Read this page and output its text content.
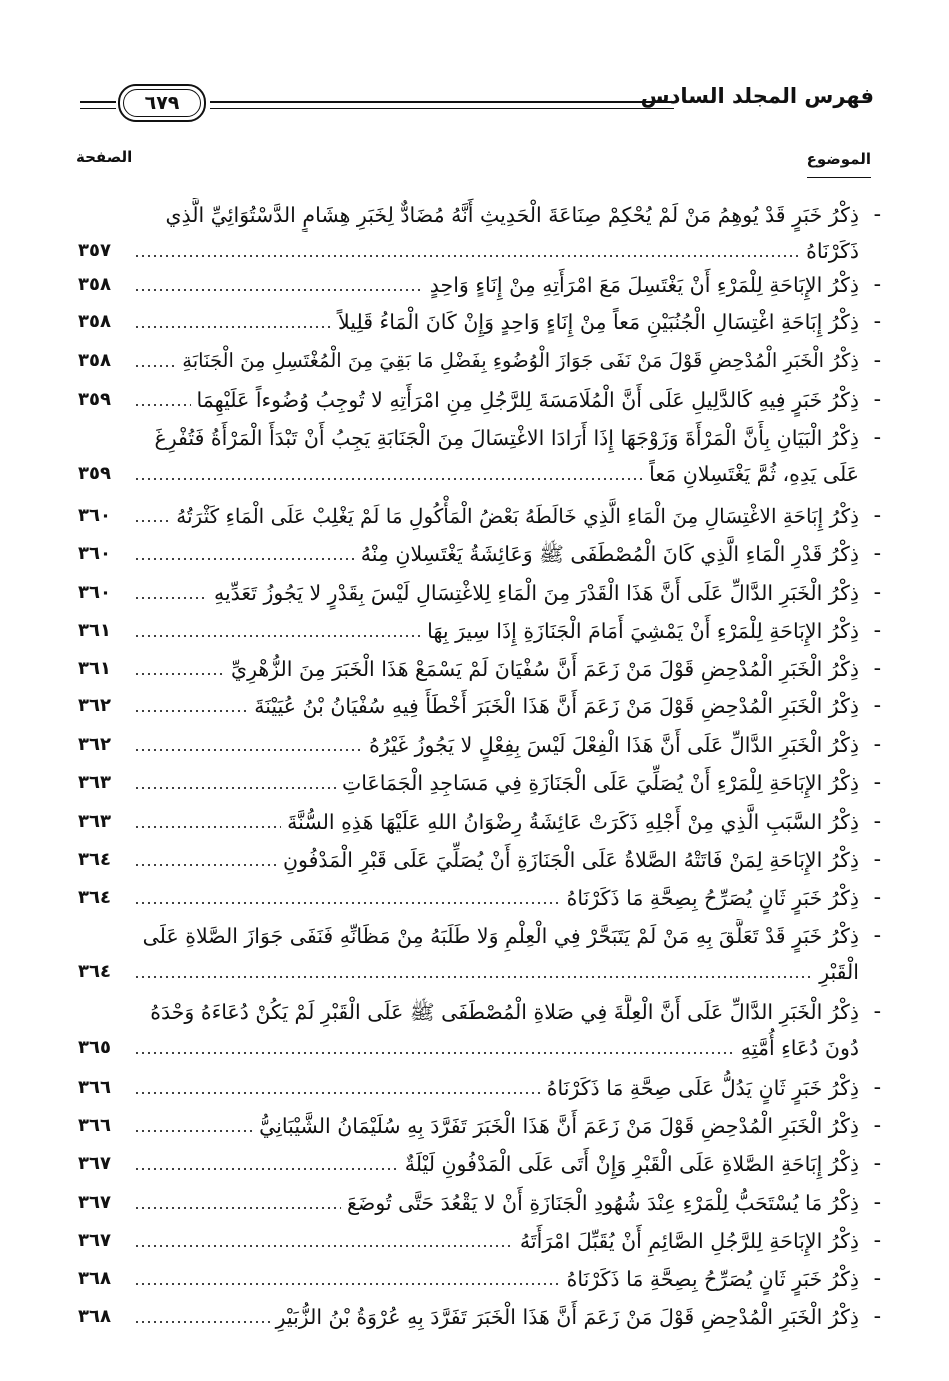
فهرس المجلد السادس
٦٧٩
الموضوع
الصفحة
-
ذِكْرُ خَبَرٍ قَدْ يُوهِمُ مَنْ لَمْ يُحْكِمْ صِنَاعَةَ الْحَدِيثِ أَنَّهُ مُضَادٌّ لِخَبَرِ هِشَامٍ الدَّسْتُوَائِيِّ الَّذِي
ذَكَرْنَاهُ
٣٥٧
-
ذِكْرُ الإِبَاحَةِ لِلْمَرْءِ أَنْ يَغْتَسِلَ مَعَ امْرَأَتِهِ مِنْ إِنَاءٍ وَاحِدٍ
٣٥٨
-
ذِكْرُ إِبَاحَةِ اغْتِسَالِ الْجُنُبَيْنِ مَعاً مِنْ إِنَاءٍ وَاحِدٍ وَإِنْ كَانَ الْمَاءُ قَلِيلاً
٣٥٨
-
ذِكْرُ الْخَبَرِ الْمُدْحِضِ قَوْلَ مَنْ نَفَى جَوَازَ الْوُضُوءِ بِفَضْلِ مَا بَقِيَ مِنَ الْمُغْتَسِلِ مِنَ الْجَنَابَةِ
٣٥٨
-
ذِكْرُ خَبَرٍ فِيهِ كَالدَّلِيلِ عَلَى أَنَّ الْمُلَامَسَةَ لِلرَّجُلِ مِنِ امْرَأَتِهِ لا تُوجِبُ وُضُوءاً عَلَيْهِمَا
٣٥٩
-
ذِكْرُ الْبَيَانِ بِأَنَّ الْمَرْأَةَ وَزَوْجَهَا إِذَا أَرَادَا الاغْتِسَالَ مِنَ الْجَنَابَةِ يَجِبُ أَنْ تَبْدَأَ الْمَرْأَةُ فَتُفْرِغَ
عَلَى يَدِهِ، ثُمَّ يَغْتَسِلانِ مَعاً
٣٥٩
-
ذِكْرُ إِبَاحَةِ الاغْتِسَالِ مِنَ الْمَاءِ الَّذِي خَالَطَهُ بَعْضُ الْمَأْكُولِ مَا لَمْ يَغْلِبْ عَلَى الْمَاءِ كَثْرَتُهُ
٣٦٠
-
ذِكْرُ قَدْرِ الْمَاءِ الَّذِي كَانَ الْمُصْطَفَى ﷺ وَعَائِشَةُ يَغْتَسِلانِ مِنْهُ
٣٦٠
-
ذِكْرُ الْخَبَرِ الدَّالِّ عَلَى أَنَّ هَذَا الْقَدْرَ مِنَ الْمَاءِ لِلاغْتِسَالِ لَيْسَ بِقَدْرٍ لا يَجُوزُ تَعَدِّيهِ
٣٦٠
-
ذِكْرُ الإِبَاحَةِ لِلْمَرْءِ أَنْ يَمْشِيَ أَمَامَ الْجَنَازَةِ إِذَا سِيرَ بِهَا
٣٦١
-
ذِكْرُ الْخَبَرِ الْمُدْحِضِ قَوْلَ مَنْ زَعَمَ أَنَّ سُفْيَانَ لَمْ يَسْمَعْ هَذَا الْخَبَرَ مِنَ الزُّهْرِيِّ
٣٦١
-
ذِكْرُ الْخَبَرِ الْمُدْحِضِ قَوْلَ مَنْ زَعَمَ أَنَّ هَذَا الْخَبَرَ أَخْطَأَ فِيهِ سُفْيَانُ بْنُ عُيَيْنَةَ
٣٦٢
-
ذِكْرُ الْخَبَرِ الدَّالِّ عَلَى أَنَّ هَذَا الْفِعْلَ لَيْسَ بِفِعْلٍ لا يَجُوزُ غَيْرُهُ
٣٦٢
-
ذِكْرُ الإِبَاحَةِ لِلْمَرْءِ أَنْ يُصَلِّيَ عَلَى الْجَنَازَةِ فِي مَسَاجِدِ الْجَمَاعَاتِ
٣٦٣
-
ذِكْرُ السَّبَبِ الَّذِي مِنْ أَجْلِهِ ذَكَرَتْ عَائِشَةُ رِضْوَانُ اللهِ عَلَيْهَا هَذِهِ السُّنَّةَ
٣٦٣
-
ذِكْرُ الإِبَاحَةِ لِمَنْ فَاتَتْهُ الصَّلاةُ عَلَى الْجَنَازَةِ أَنْ يُصَلِّيَ عَلَى قَبْرِ الْمَدْفُونِ
٣٦٤
-
ذِكْرُ خَبَرٍ ثَانٍ يُصَرِّحُ بِصِحَّةِ مَا ذَكَرْنَاهُ
٣٦٤
-
ذِكْرُ خَبَرٍ قَدْ تَعَلَّقَ بِهِ مَنْ لَمْ يَتَبَحَّرْ فِي الْعِلْمِ وَلا طَلَبَهُ مِنْ مَظَانِّهِ فَنَفَى جَوَازَ الصَّلاةِ عَلَى
الْقَبْرِ
٣٦٤
-
ذِكْرُ الْخَبَرِ الدَّالِّ عَلَى أَنَّ الْعِلَّةَ فِي صَلاةِ الْمُصْطَفَى ﷺ عَلَى الْقَبْرِ لَمْ يَكُنْ دُعَاءَهُ وَحْدَهُ
دُونَ دُعَاءِ أُمَّتِهِ
٣٦٥
-
ذِكْرُ خَبَرٍ ثَانٍ يَدُلُّ عَلَى صِحَّةِ مَا ذَكَرْنَاهُ
٣٦٦
-
ذِكْرُ الْخَبَرِ الْمُدْحِضِ قَوْلَ مَنْ زَعَمَ أَنَّ هَذَا الْخَبَرَ تَفَرَّدَ بِهِ سُلَيْمَانُ الشَّيْبَانِيُّ
٣٦٦
-
ذِكْرُ إِبَاحَةِ الصَّلاةِ عَلَى الْقَبْرِ وَإِنْ أَتَى عَلَى الْمَدْفُونِ لَيْلَةٌ
٣٦٧
-
ذِكْرُ مَا يُسْتَحَبُّ لِلْمَرْءِ عِنْدَ شُهُودِ الْجَنَازَةِ أَنْ لا يَقْعُدَ حَتَّى تُوضَعَ
٣٦٧
-
ذِكْرُ الإِبَاحَةِ لِلرَّجُلِ الصَّائِمِ أَنْ يُقَبِّلَ امْرَأَتَهُ
٣٦٧
-
ذِكْرُ خَبَرٍ ثَانٍ يُصَرِّحُ بِصِحَّةِ مَا ذَكَرْنَاهُ
٣٦٨
-
ذِكْرُ الْخَبَرِ الْمُدْحِضِ قَوْلَ مَنْ زَعَمَ أَنَّ هَذَا الْخَبَرَ تَفَرَّدَ بِهِ عُرْوَةُ بْنُ الزُّبَيْرِ
٣٦٨
